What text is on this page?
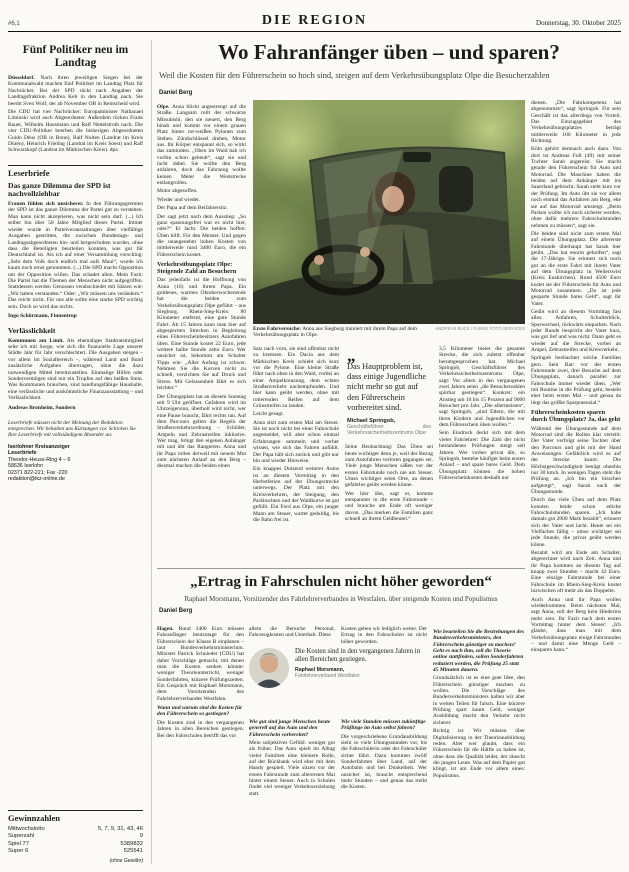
#6,1	DIE REGION	Donnerstag, 30. Oktober 2025
Fünf Politiker neu im Landtag

Düsseldorf. Nach ihren jeweiligen Siegen bei der Kommunalwahl machen fünf Politiker im Landtag Platz für Nachrücker. Bei der SPD rückt nach Angaben der Landtagsfraktion Andrea Keh in den Landtag nach. Sie beerbt Sven Wolf, der ab November OB in Remscheid wird.

Die CDU hat vier Nachrücker: Europaminister Nathanael Liminski wird auch Abgeordneter. Außerdem rücken Frank Bauer, Wilhelm Hausmann und Ralf Nettelstroth nach. Die vier CDU-Politiker beerben die bisherigen Abgeordneten Guido Déus (OB in Bonn), Ralf Nolten (Landrat im Kreis Düren), Heinrich Frieling (Landrat im Kreis Soest) und Ralf Schwarzkopf (Landrat im Märkischen Kreis). dpa

Leserbriefe
Das ganze Dilemma der SPD ist nachvollziehbar

Frauen fühlen sich unsicherer. In den Führungsgremien der SPD ist das ganze Dilemma der Partei gut zu verstehen. Man kann nicht akzeptieren, was nicht sein darf. (...) Ich selber bin über 50 Jahre Mitglied dieser Partei. Immer wieder wurde in Parteiveranstaltungen über vielfältige Ausgaben gestritten, die zwischen Bundestags- und Landtagsabgeordneten hin- und hergeschoben wurden, ohne dass die Beteiligten beurteilen konnten, was gut für Deutschland ist. Als ich auf einer Versammlung vorschlug: „Seht dem Volk doch endlich mal aufs Maul“, wurde ich kaum noch ernst genommen. (...) Die SPD macht Opposition um der Opposition willen. Das schadet allen. Mein Fazit: Die Partei hat die Themen der Menschen nicht aufgegriffen. Stattdessen werden Genossen verabschiedet mit Sätzen wie: „Wir haben verstanden.“ Oder: „Wir müssen uns verändern.“ Das reicht nicht. Für uns alle sollte eine starke SPD wichtig sein. Doch so wird das nichts.

Ingo Schürmann, Finnentrop
Verlässlichkeit

Kommunen am Limit. Als ehemaliges Stadtratsmitglied sehe ich mit Sorge, wie sich die finanzielle Lage unserer Städte Jahr für Jahr verschlechtert. Die Ausgaben steigen – vor allem im Sozialbereich –, während Land und Bund zusätzliche Aufgaben übertragen, ohne die dazu notwendigen Mittel bereitzustellen. Einmalige Hilfen oder Sondervermögen sind nur ein Tropfen auf den heißen Stein. Was Kommunen brauchen, sind handlungsfähige Haushalte, eine verlässliche und auskömmliche Finanzausstattung – und Verlässlichkeit.

Andreas Bronheim, Sundern
Leserbriefe müssen nicht der Meinung der Redaktion entsprechen. Wir behalten uns Kürzungen vor. Schicken Sie Ihre Leserbriefe mit vollständigem Absender an:
Iserlohner Kreisanzeiger
Leserbriefe
Theodor-Heuss-Ring 4 – 6
58636 Iserlohn
02371 822-221; Fax -220
redaktion@ikz-online.de
Gewinnzahlen
Mittwochslotto	5, 7, 9, 31, 43, 46
Superzahl	9
Spiel 77	5389832
Super 6	525541
(ohne Gewähr)
Wo Fahranfänger üben – und sparen?
Weil die Kosten für den Führerschein so hoch sind, steigen auf dem Verkehrsübungsplatz Olpe die Besucherzahlen
Daniel Berg

Olpe. Anna blickt angestrengt auf die Straße. Langsam rollt der schwarze Mitsubishi, den sie steuert, den Berg hinab und kommt vor einem grauen Platz hinter rot-weißen Pylonen zum Stehen. Zündschlüssel drehen, Motor aus. Ihr Körper entspannt sich, so wirkt das zumindest. „Oben im Wald hab ich vorhin schon geheult“, sagt sie und lacht dabei. Sie wollte den Berg anfahren, doch das Fahrzeug wollte keinen Meter die Weststrecke entlangrollen.

Motor abgesoffen.

Wieder und wieder.

Der Papa auf dem Beifahrersitz.

Der sagt jetzt nach dem Ausstieg: „So ganz spannungsfrei war es nicht hier, oder?“ Er lacht. Die beiden hoffen: Üben hilft. Für den Meister. Und gegen die unangenehm hohen Kosten von mittlerweile rund 3400 Euro, die ein Führerschein kostet.

Verkehrsübungsplatz Olpe: Steigende Zahl an Besuchern

Das jedenfalls ist die Hoffnung von Anna (16) und ihrem Papa. Ein goldenes, warmes Oktoberwochenende hat die beiden zum Verkehrsübungsplatz Olpe geführt – aus Siegburg, Rhein-Sieg-Kreis: 80 Kilometer entfernt, eine gute Stunde Fahrt. Ab 15 Jahren kann man hier auf abgesperrten Strecken in Begleitung eines Führerscheinbesitzers Autofahren üben. Eine Stunde kostet 22 Euro, jede weitere halbe Stunde zehn Euro. Wer unsicher ist, bekommt am Schalter Tipps wie: „Aller Anfang ist schwer. Nehmen Sie die Kurven nicht zu schnell, verzichten Sie auf Druck und Stress. Mit Gelassenheit fährt es sich leichter.“

Der Übungsplatz hat an diesem Sonntag seit 9 Uhr geöffnet. Gefahren wird im Uhrzeigersinn, überholt wird nicht, wer eine Pause braucht, fährt rechts ran. Auf dem Parcours gelten die Regeln der Straßenverkehrsordnung – Schilder, Ampeln und Zebrastreifen inklusive. Wer mag, bringt den eigenen Anhänger mit und übt das Rangieren. Anna und ihr Papa rollen derweil mit neuem Mut zum nächsten Anlauf an den Berg – diesmal machen die beiden einen

Erste Fahrversuche: Anna aus Siegburg trainiert mit ihrem Papa auf dem Verkehrsübungsplatz in Olpe.
ANDREAS BUCK / FUNKE FOTO SERVICES

Satz nach vorn, sie sind offenbar nicht zu bremsen. Ein Dacia aus dem Märkischen Kreis schiebt sich kurz vor die Pylone. Eine kleine Straße führt nach oben in den Wald, vorbei an einer Ampelkreuzung, dem echten Straßenverkehr nachempfunden. Und hier kann geübt werden, ohne mit rotierenden Reifen auf dem Grünstreifen zu landen.

Leicht gesagt.

Anna sitzt zum ersten Mal am Steuer. Sie ist noch nicht bei einer Fahrschule angemeldet, will aber schon einmal Erfahrungen sammeln und vorher wissen, wie sich das Fahren anfühlt. Der Papa hält sich zurück und gibt nur hin und wieder Hinweise.

Ein knappes Dutzend weiterer Autos ist an diesem Vormittag in den Herbstferien auf der Übungsstrecke unterwegs. Der Platz mit den Kreisverkehren, der Steigung, den Parkbuchten und der Waldkurve ist gut gefüllt. Ein Ford aus Olpe, ein junger Mann am Steuer, wartet geduldig, bis die Bahn frei ist.

„
Das Hauptproblem ist, dass einige Jugendliche nicht mehr so gut auf den Führerschein vorbereitet sind.
Michael Springob,
Geschäftsführer des Verkehrssicherheitszentrums Olpe

Seine Beobachtung: Das Üben sei heute wichtiger denn je, weil der Bezug zum Autofahren verloren gegangen sei. Viele junge Menschen säßen vor der ersten Fahrstunde noch nie am Steuer. Umso wichtiger seien Orte, an denen gefahrlos geübt werden könne.

Wer hier übe, sagt er, komme entspannter in die erste Fahrstunde – und brauche am Ende oft weniger davon. „Das merken die Familien ganz schnell an ihrem Geldbeutel.“

3,5 Kilometer bietet die gesamte Strecke, die sich zuletzt offenbar herumgesprochen hat. Michael Springob, Geschäftsführer des Verkehrssicherheitszentrums Olpe, sagt: Vor allem in den vergangenen zwei Jahren seien „die Besucherzahlen spürbar gestiegen“. Konkret: ein Anstieg um 10 bis 15 Prozent auf 9000 Besucher pro Jahr. „Die allermeisten“, sagt Springob, „sind Eltern, die mit ihren Kindern und Jugendlichen vor dem Führerschein üben wollen.“

Sein Eindruck deckt sich mit dem vieler Fahrlehrer: Die Zahl der nicht bestandenen Prüfungen steigt seit Jahren. Wer vorher privat übt, so Springob, bestehe häufiger beim ersten Anlauf – und spare bares Geld. Dem Übungsplatz können die hohen Führerscheinkosten deshalb nur

dienen. „Die Fahrkompetenz hat abgenommen“, sagt Springob. Für sein Geschäft ist das allerdings von Vorteil. Das Einzugsgebiet des Verkehrsübungsplatzes beträgt mittlerweile 100 Kilometer in jede Richtung.

Köln gehört demnach auch dazu. Von dort ist Andreas Full (49) mit seiner Tochter Sarah angereist. Sie macht gerade den Führerschein für Auto und Motorrad. Die Maschine haben die beiden auf dem Anhänger mit ins Sauerland gebracht. Sarah steht kurz vor der Prüfung. Im Auto übt sie vor allem noch einmal das Anfahren am Berg, ehe sie auf das Motorrad umsteigt. „Beim Parken wollte ich noch sicherer werden, ohne dafür mehrere Fahrschulstunden nehmen zu müssen“, sagt sie.

Die beiden sind nicht zum ersten Mal auf einem Übungsplatz. Die allererste Fahrstunde überhaupt hat Sarah hier geübt. „Das hat enorm geholfen“, sagt die 17-Jährige. Sie erinnert sich noch gut an die erste Fahrt mit ihrem Vater auf dem Übungsplatz in Weilerswist (Kreis Euskirchen). Rund 4500 Euro kostet sie der Führerschein für Auto und Motorrad zusammen. „Da ist jede gesparte Stunde bares Geld“, sagt ihr Vater.

Geübt wird an diesem Vormittag fast alles: Anfahren, Schulterblick, Spurwechsel, rückwärts einparken. Nach jeder Runde bespricht der Vater kurz, was gut lief und was nicht. Dann geht es wieder auf die Strecke, vorbei an Ampel, Zebrastreifen und Kreisverkehr.

Springob beobachtet solche Familien gern. Sein Rat: vor der ersten Fahrstunde zwei, drei Besuche auf dem Übungsplatz, danach parallel zur Fahrschule immer wieder üben. „Wer mit Routine in die Prüfung geht, besteht eher beim ersten Mal – und genau da liegt das größte Sparpotenzial.“

Führerscheinkosten sparen durch Übungsplatz? Ja, das geht

Während der Übungsstunde auf dem Motorrad sind die Rollen klar verteilt: Der Vater verfolgt seine Tochter über den Parcours und gibt mit der Hand Anweisungen. Gefährlich wird es auf der Strecke kaum: Die Höchstgeschwindigkeit beträgt ohnehin nur 30 km/h. In wenigen Tagen steht die Prüfung an. „Ich bin ein bisschen aufgeregt“, sagt Sarah nach der Übungsstunde.

Durch das viele Üben auf dem Platz konnten beide schon etliche Fahrschulstunden sparen. „Ich habe damals gut 2000 Mark bezahlt“, erinnert sich der Vater und lacht. Heute sei ein Vielfaches fällig – umso wichtiger sei jede Stunde, die privat geübt werden könne.

Bezahlt wird am Ende am Schalter, abgerechnet wird nach Zeit. Anna und ihr Papa kommen an diesem Tag auf knapp zwei Stunden – macht 42 Euro. Eine einzige Fahrstunde bei einer Fahrschule im Rhein-Sieg-Kreis kostet inzwischen oft mehr als das Doppelte.

Auch Anna und ihr Papa wollen wiederkommen. Beim nächsten Mal, sagt Anna, soll der Berg kein Hindernis mehr sein. Ihr Fazit nach dem ersten Vormittag hinter dem Steuer: „Ich glaube, dass man mit dem Verkehrsübungsplatz einige Fahrstunden – und damit eine Menge Geld – einsparen kann.“

„Ertrag in Fahrschulen nicht höher geworden“
Raphael Morsmann, Vorsitzender des Fahrlehrerverbandes in Westfalen, über steigende Kosten und Populismus
Daniel Berg

Hagen. Rund 3400 Euro müssen Fahranfänger heutzutage für den Führerschein der Klasse B einplanen – laut Bundesverkehrsministerium. Minister Patrick Schnieder (CDU) hat daher Vorschläge gemacht, mit denen man die Kosten senken könnte: weniger Theorieunterricht, weniger Sonderfahrten, kürzere Prüfungszeiten. Ein Gespräch mit Raphael Morsmann, dem Vorsitzenden des Fahrlehrerverbandes Westfalen.

Wann und warum sind die Kosten für den Führerschein so gestiegen?

Die Kosten sind in den vergangenen Jahren in allen Bereichen gestiegen. Bei den Fahrschulen betrifft das vor

allem die Bereiche Personal, Fahrzeugkosten und Unterhalt. Diese

Kosten geben wir lediglich weiter. Der Ertrag in den Fahrschulen ist nicht höher geworden.

Die Kosten sind in den vergangenen Jahren in allen Bereichen gestiegen.
Raphael Morsmann,
Fahrlehrerverband Westfalen

Wie gut sind junge Menschen heute generell auf das Auto und den Führerschein vorbereitet?

Mein subjektives Gefühl: weniger gut als früher. Das Auto spielt im Alltag vieler Familien eine kleinere Rolle, auf der Rückbank wird eher mit dem Handy gespielt. Viele sitzen vor der ersten Fahrstunde zum allerersten Mal hinter einem Steuer. Auch in Schulen findet viel weniger Verkehrserziehung statt.

Wie viele Stunden müssen zukünftige Prüflinge im Auto selbst fahren?

Die vorgeschriebene Grundausbildung sieht so viele Übungsstunden vor, bis die Fahrschülerin oder der Fahrschüler sicher fährt. Dazu kommen zwölf Sonderfahrten über Land, auf der Autobahn und bei Dunkelheit. Wer unsicher ist, braucht entsprechend mehr Stunden – und genau das treibt die Kosten.

Wie beurteilen Sie die Bestrebungen des Bundesverkehrsministers, den Führerschein günstiger zu machen? Geht es nach ihm, soll die Theorie online stattfinden, sollen Sonderfahrten reduziert werden, die Prüfung 25 statt 45 Minuten dauern.

Grundsätzlich ist es eine gute Idee, den Führerschein günstiger machen zu wollen. Die Vorschläge des Bundesverkehrsministers halten wir aber in weiten Teilen für falsch. Eine kürzere Prüfung spart kaum Geld, weniger Ausbildung macht den Verkehr nicht sicherer.

Richtig ist: Wir müssen über Digitalisierung in der Theorieausbildung reden. Aber wer glaubt, dass ein Führerschein für die Hälfte zu haben ist, ohne dass die Qualität leidet, der täuscht die jungen Leute. Was auf dem Papier gut klingt, ist am Ende vor allem eines: Populismus.
